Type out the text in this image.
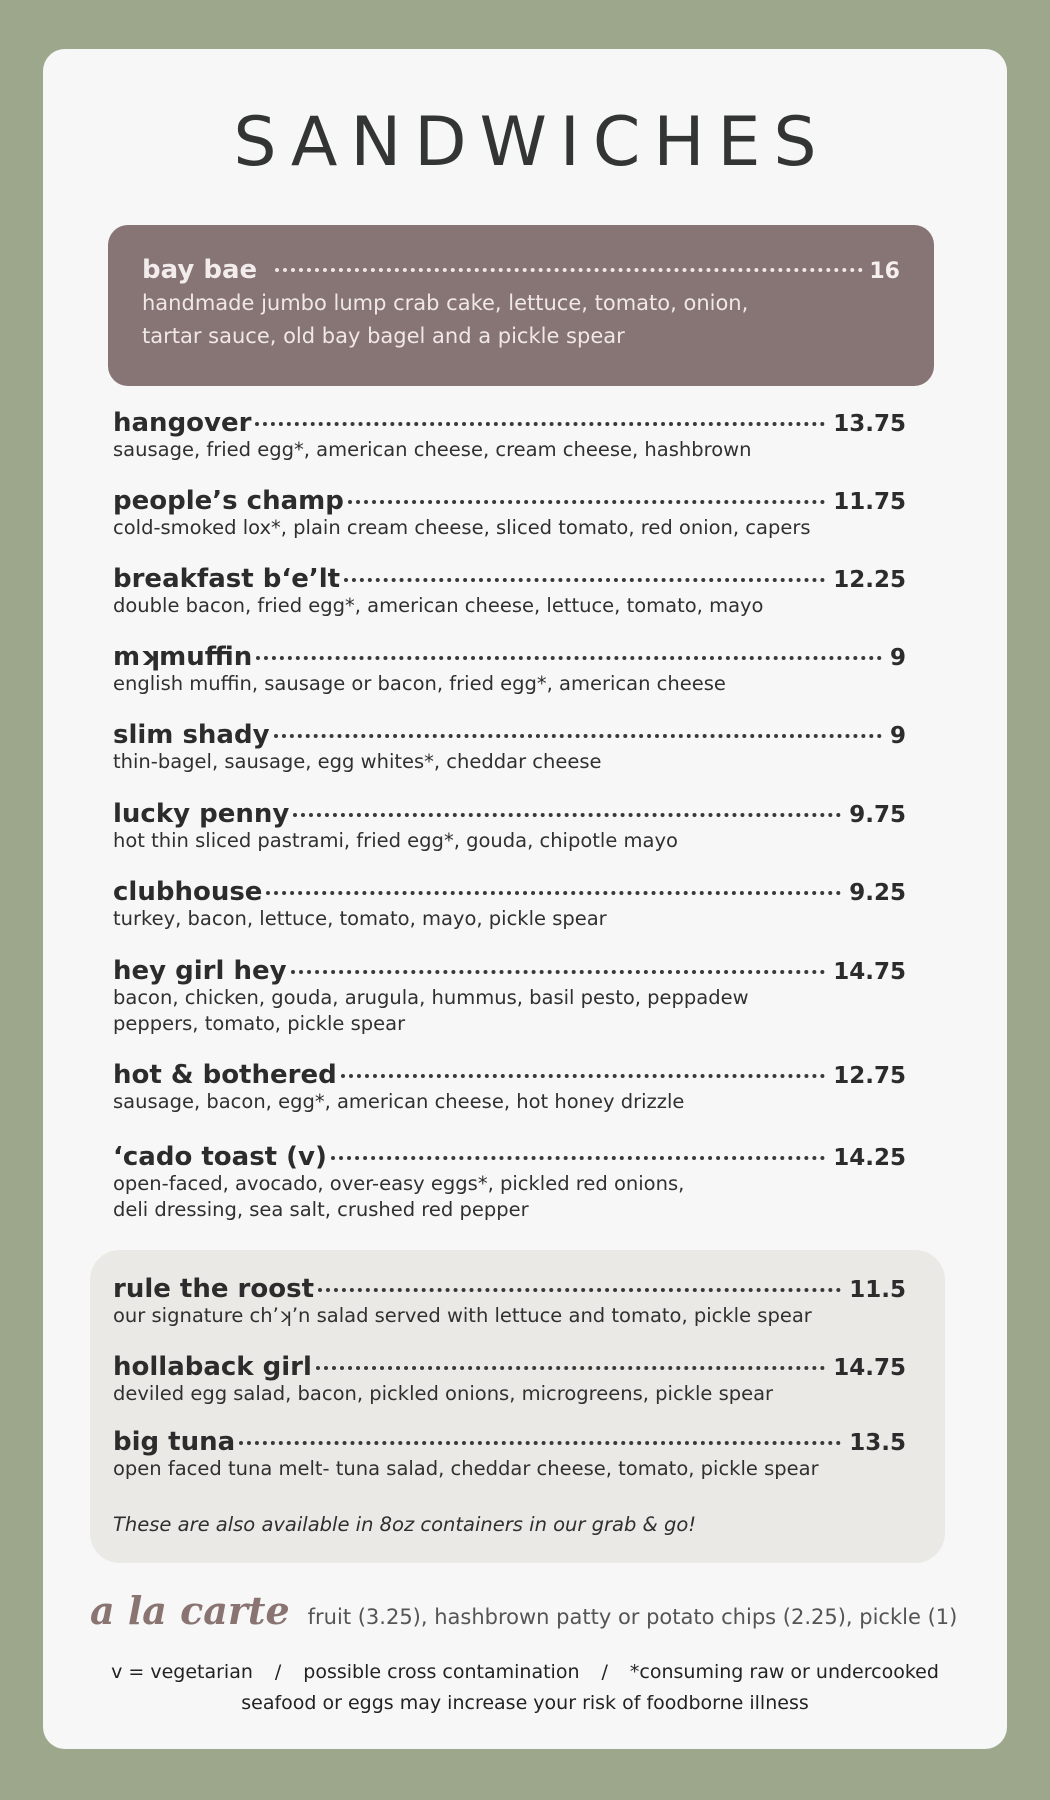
SANDWICHES
bay bae	16
handmade jumbo lump crab cake, lettuce, tomato, onion,
tartar sauce, old bay bagel and a pickle spear
hangover	13.75
sausage, fried egg*, american cheese, cream cheese, hashbrown
people’s champ	11.75
cold-smoked lox*, plain cream cheese, sliced tomato, red onion, capers
breakfast b‘e’lt	12.25
double bacon, fried egg*, american cheese, lettuce, tomato, mayo
mʞmuffin	9
english muffin, sausage or bacon, fried egg*, american cheese
slim shady	9
thin-bagel, sausage, egg whites*, cheddar cheese
lucky penny	9.75
hot thin sliced pastrami, fried egg*, gouda, chipotle mayo
clubhouse	9.25
turkey, bacon, lettuce, tomato, mayo, pickle spear
hey girl hey	14.75
bacon, chicken, gouda, arugula, hummus, basil pesto, peppadew
peppers, tomato, pickle spear
hot & bothered	12.75
sausage, bacon, egg*, american cheese, hot honey drizzle
‘cado toast (v)	14.25
open-faced, avocado, over-easy eggs*, pickled red onions,
deli dressing, sea salt, crushed red pepper
These are also available in 8oz containers in our grab & go!
rule the roost	11.5
our signature ch’ʞ’n salad served with lettuce and tomato, pickle spear
hollaback girl	14.75
deviled egg salad, bacon, pickled onions, microgreens, pickle spear
big tuna	13.5
open faced tuna melt- tuna salad, cheddar cheese, tomato, pickle spear
a la carte fruit (3.25), hashbrown patty or potato chips (2.25), pickle (1)
v = vegetarian / possible cross contamination / *consuming raw or undercooked
seafood or eggs may increase your risk of foodborne illness
